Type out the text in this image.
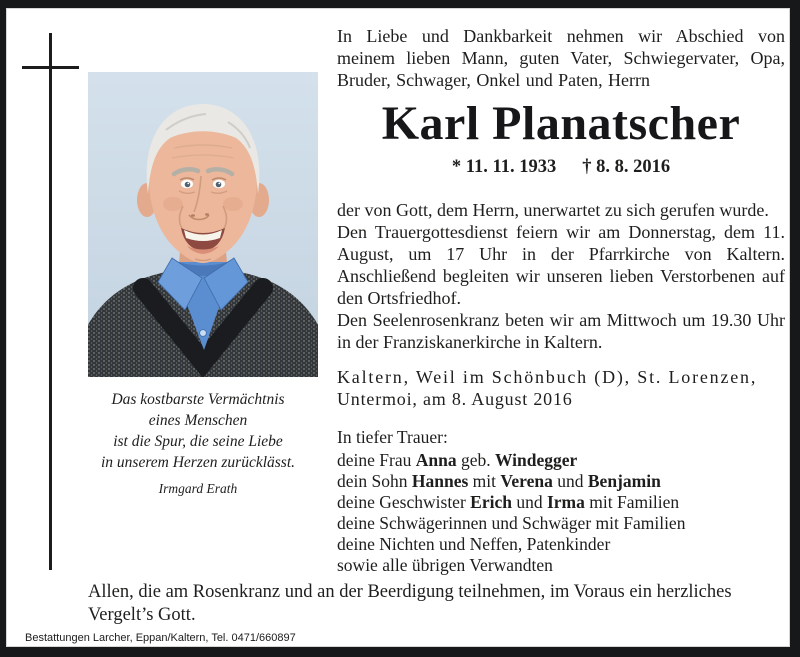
Das kostbarste Vermächtnis
eines Menschen
ist die Spur, die seine Liebe
in unserem Herzen zurücklässt.
Irmgard Erath
In Liebe und Dankbarkeit nehmen wir Abschied von meinem lieben Mann, guten Vater, Schwiegervater, Opa, Bruder, Schwager, Onkel und Paten, Herrn
Karl Planatscher
* 11. 11. 1933 † 8. 8. 2016

der von Gott, dem Herrn, unerwartet zu sich gerufen wurde.

Den Trauergottesdienst feiern wir am Donnerstag, dem 11. August, um 17 Uhr in der Pfarrkirche von Kaltern. Anschließend begleiten wir unseren lieben Verstorbenen auf den Ortsfriedhof.

Den Seelenrosenkranz beten wir am Mittwoch um 19.30 Uhr in der Franziskanerkirche in Kaltern.

Kaltern, Weil im Schönbuch (D), St. Lorenzen,
Untermoi, am 8. August 2016
In tiefer Trauer:
deine Frau Anna geb. Windegger
dein Sohn Hannes mit Verena und Benjamin
deine Geschwister Erich und Irma mit Familien
deine Schwägerinnen und Schwäger mit Familien
deine Nichten und Neffen, Patenkinder
sowie alle übrigen Verwandten
Allen, die am Rosenkranz und an der Beerdigung teilnehmen, im Voraus ein herzliches Vergelt’s Gott.
Bestattungen Larcher, Eppan/Kaltern, Tel. 0471/660897
